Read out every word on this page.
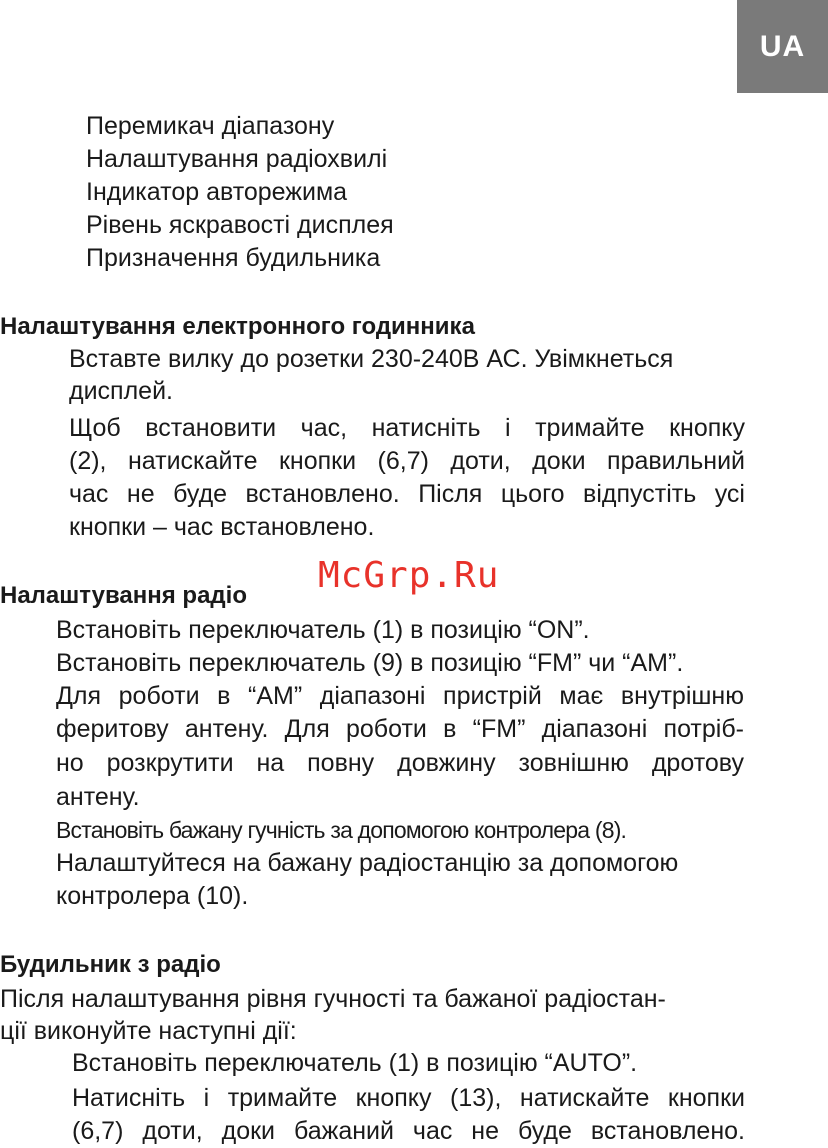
UA
Перемикач діапазону
Налаштування радіохвилі
Індикатор авторежима
Рівень яскравості дисплея
Призначення будильника
Налаштування електронного годинника
Вставте вилку до розетки 230-240В АС. Увімкнеться
дисплей.
Щоб встановити час, натисніть і тримайте кнопку
(2), натискайте кнопки (6,7) доти, доки правильний
час не буде встановлено. Після цього відпустіть усі
кнопки – час встановлено.
McGrp.Ru
Налаштування радіо
Встановіть переключатель (1) в позицію “ON”.
Встановіть переключатель (9) в позицію “FM” чи “AM”.
Для роботи в “AM” діапазоні пристрій має внутрішню
феритову антену. Для роботи в “FM” діапазоні потріб-
но розкрутити на повну довжину зовнішню дротову
антену.
Встановіть бажану гучність за допомогою контролера (8).
Налаштуйтеся на бажану радіостанцію за допомогою
контролера (10).
Будильник з радіо
Після налаштування рівня гучності та бажаної радіостан-
ції виконуйте наступні дії:
Встановіть переключатель (1) в позицію “AUTO”.
Натисніть і тримайте кнопку (13), натискайте кнопки
(6,7) доти, доки бажаний час не буде встановлено.
